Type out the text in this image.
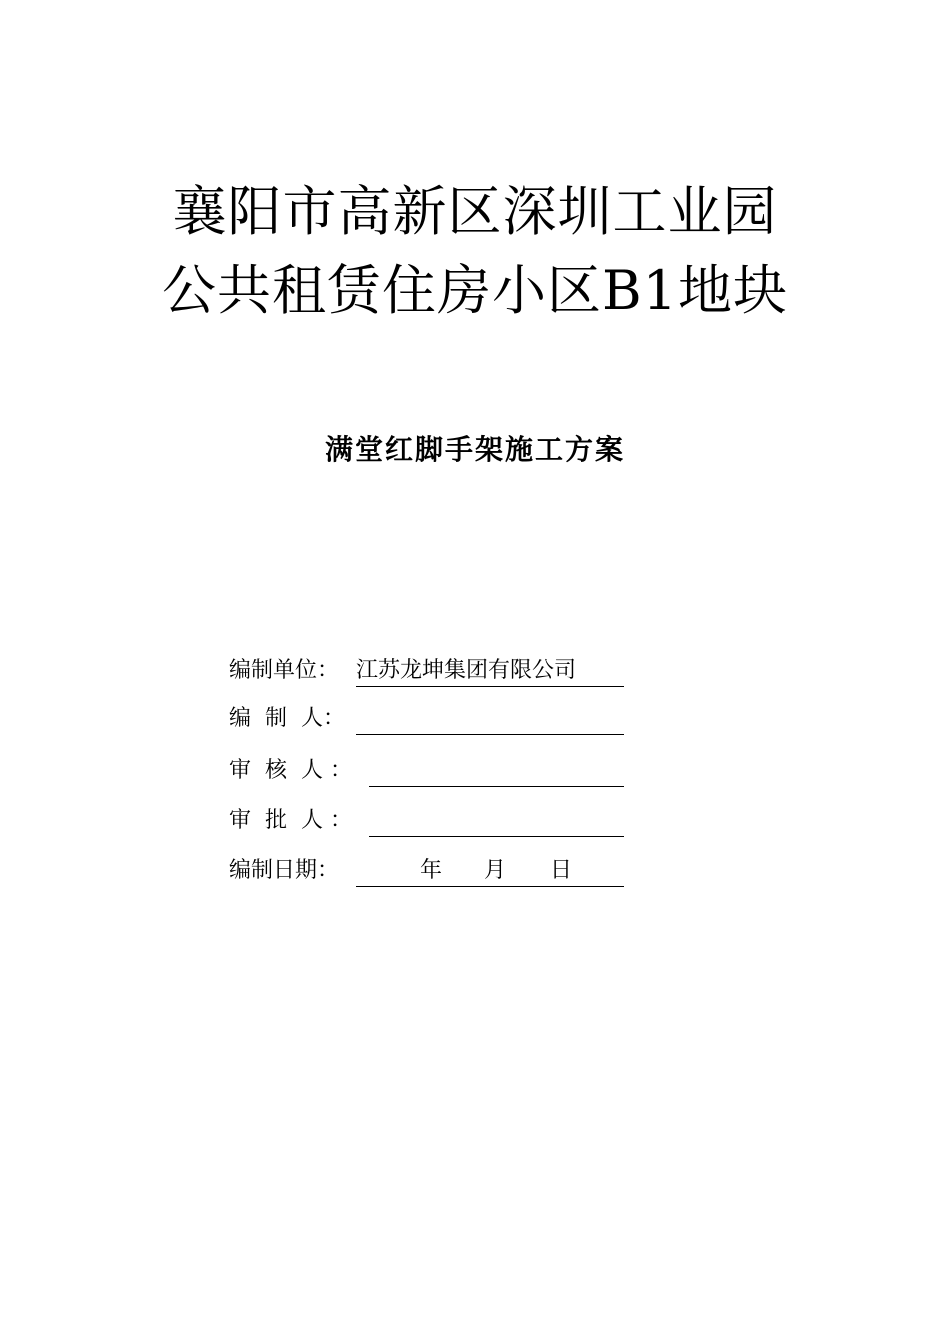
襄阳市高新区深圳工业园
公共租赁住房小区B1地块
满堂红脚手架施工方案
编制单位： 江苏龙坤集团有限公司
编  制  人：
审  核  人 ：
审  批  人 ：
编制日期：	年 月 日
